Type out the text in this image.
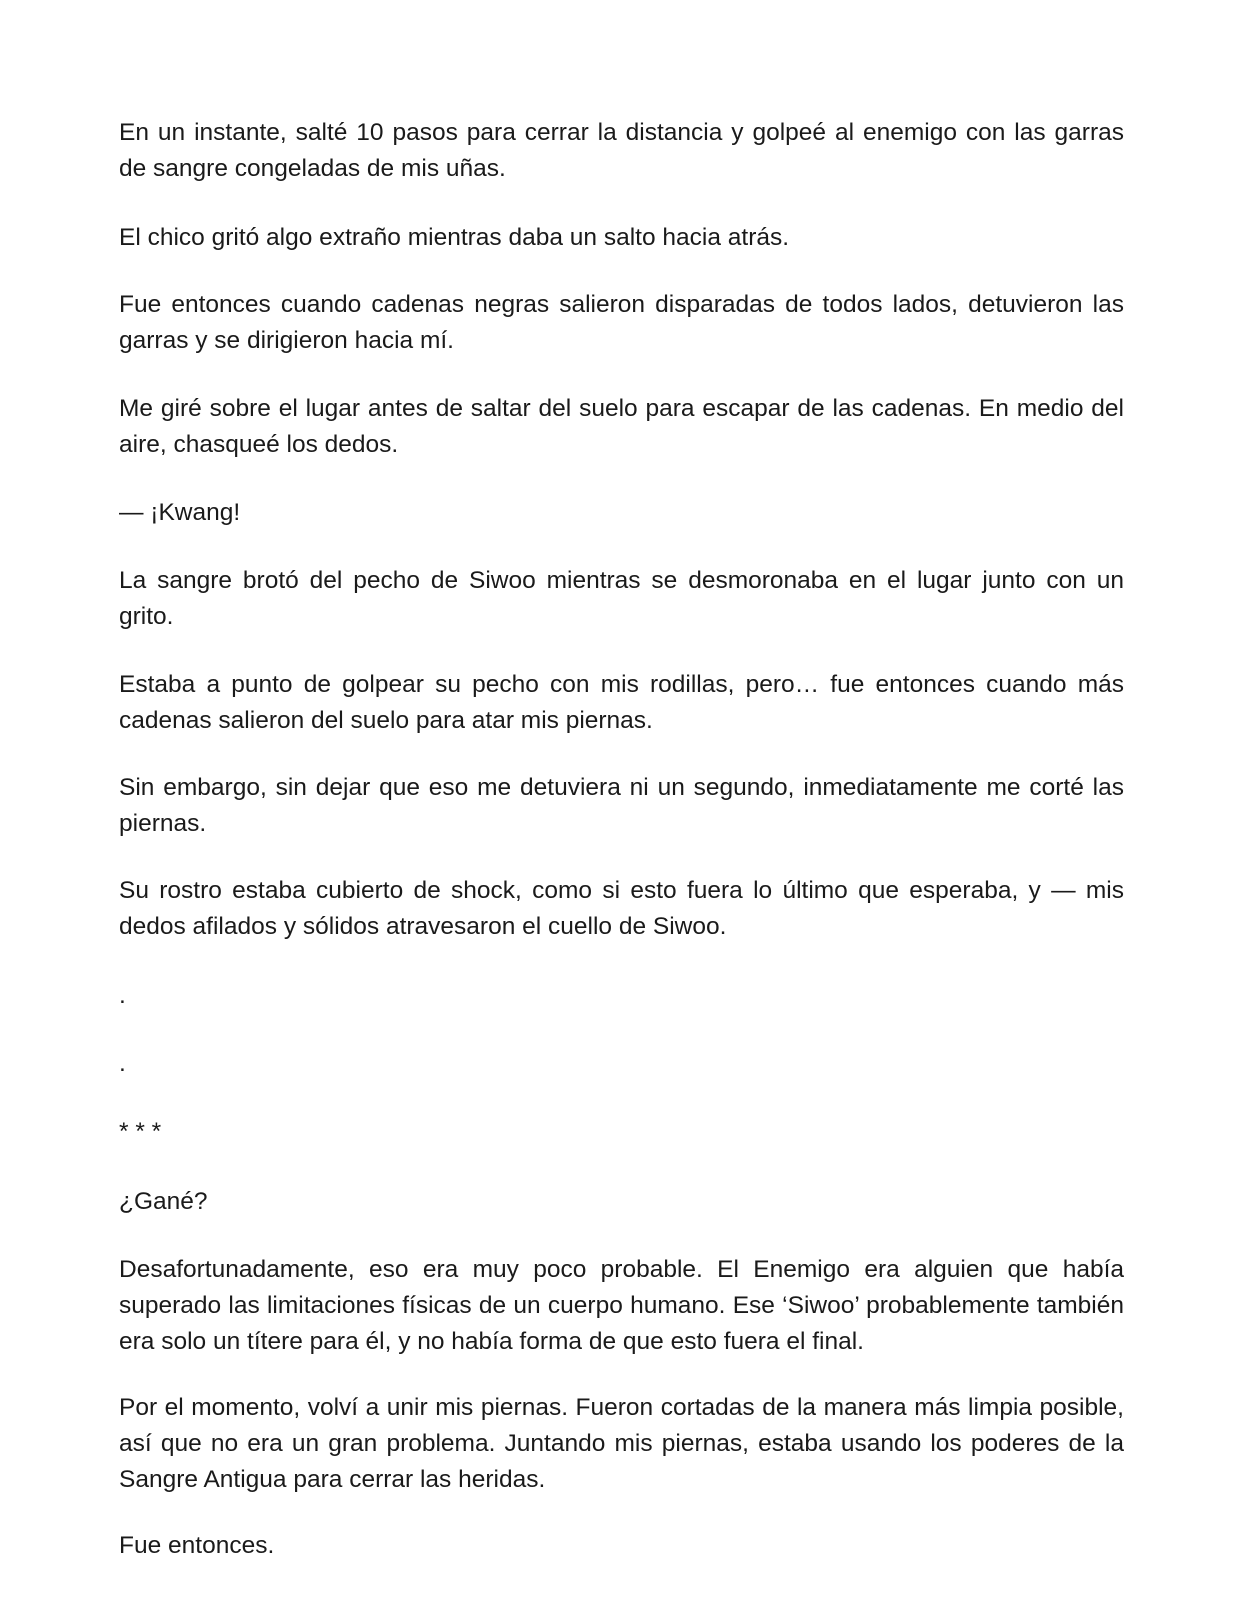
En un instante, salté 10 pasos para cerrar la distancia y golpeé al enemigo con las garras de sangre congeladas de mis uñas.

El chico gritó algo extraño mientras daba un salto hacia atrás.

Fue entonces cuando cadenas negras salieron disparadas de todos lados, detuvieron las garras y se dirigieron hacia mí.

Me giré sobre el lugar antes de saltar del suelo para escapar de las cadenas. En medio del aire, chasqueé los dedos.

— ¡Kwang!

La sangre brotó del pecho de Siwoo mientras se desmoronaba en el lugar junto con un grito.

Estaba a punto de golpear su pecho con mis rodillas, pero… fue entonces cuando más cadenas salieron del suelo para atar mis piernas.

Sin embargo, sin dejar que eso me detuviera ni un segundo, inmediatamente me corté las piernas.

Su rostro estaba cubierto de shock, como si esto fuera lo último que esperaba, y — mis dedos afilados y sólidos atravesaron el cuello de Siwoo.

.

.

* * *

¿Gané?

Desafortunadamente, eso era muy poco probable. El Enemigo era alguien que había superado las limitaciones físicas de un cuerpo humano. Ese ‘Siwoo’ probablemente también era solo un títere para él, y no había forma de que esto fuera el final.

Por el momento, volví a unir mis piernas. Fueron cortadas de la manera más limpia posible, así que no era un gran problema. Juntando mis piernas, estaba usando los poderes de la Sangre Antigua para cerrar las heridas.

Fue entonces.
